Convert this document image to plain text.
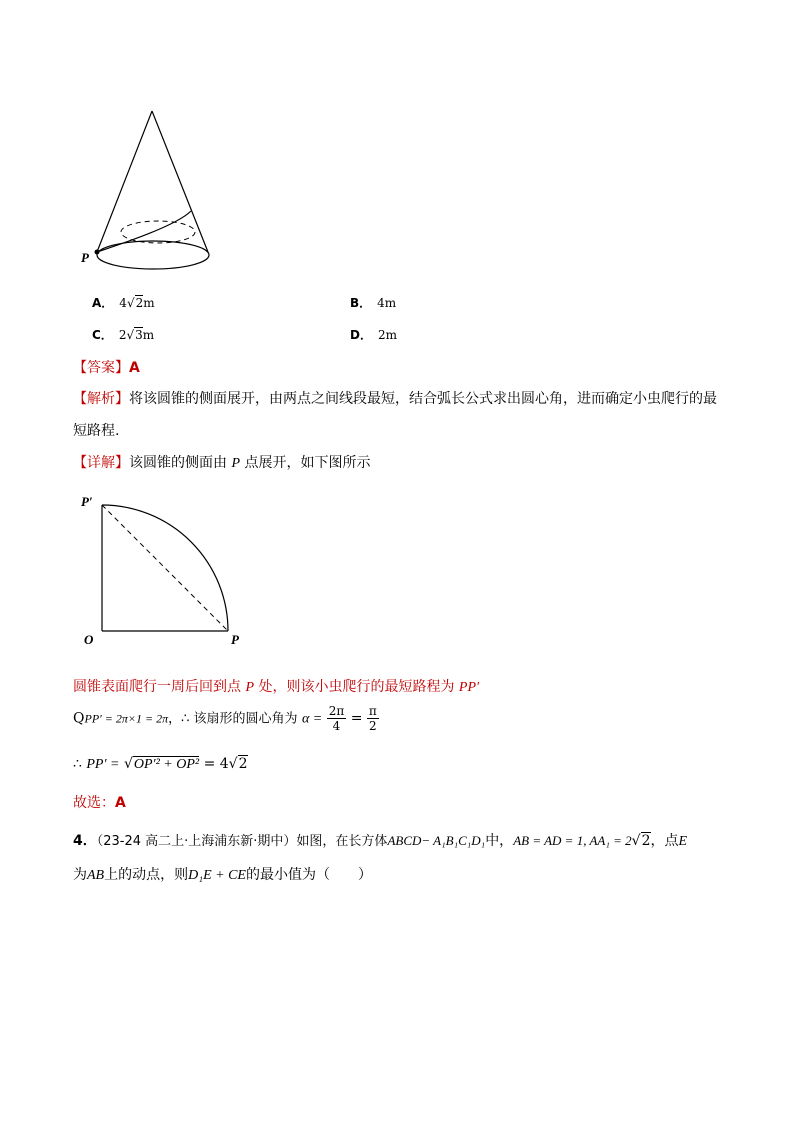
P
A． 4√2m	B． 4m
C． 2√3m	D． 2m
【答案】A
【解析】将该圆锥的侧面展开，由两点之间线段最短，结合弧长公式求出圆心角，进而确定小虫爬行的最
短路程.
【详解】该圆锥的侧面由 P 点展开，如下图所示
P′
O	P
圆锥表面爬行一周后回到点 P 处，则该小虫爬行的最短路程为 PP′
QPP′ = 2π×1 = 2π，∴ 该扇形的圆心角为 $\alpha = \frac{2\pi}{4} = \frac{\pi}{2}$
∴ PP′ = √OP′² + OP² = 4√2
故选：A
4．（23-24 高二上·上海浦东新·期中）如图，在长方体ABCD− A₁B₁C₁D₁中，AB = AD = 1, AA₁ = 2√2，点E
为AB上的动点，则D₁E + CE的最小值为（　　）
